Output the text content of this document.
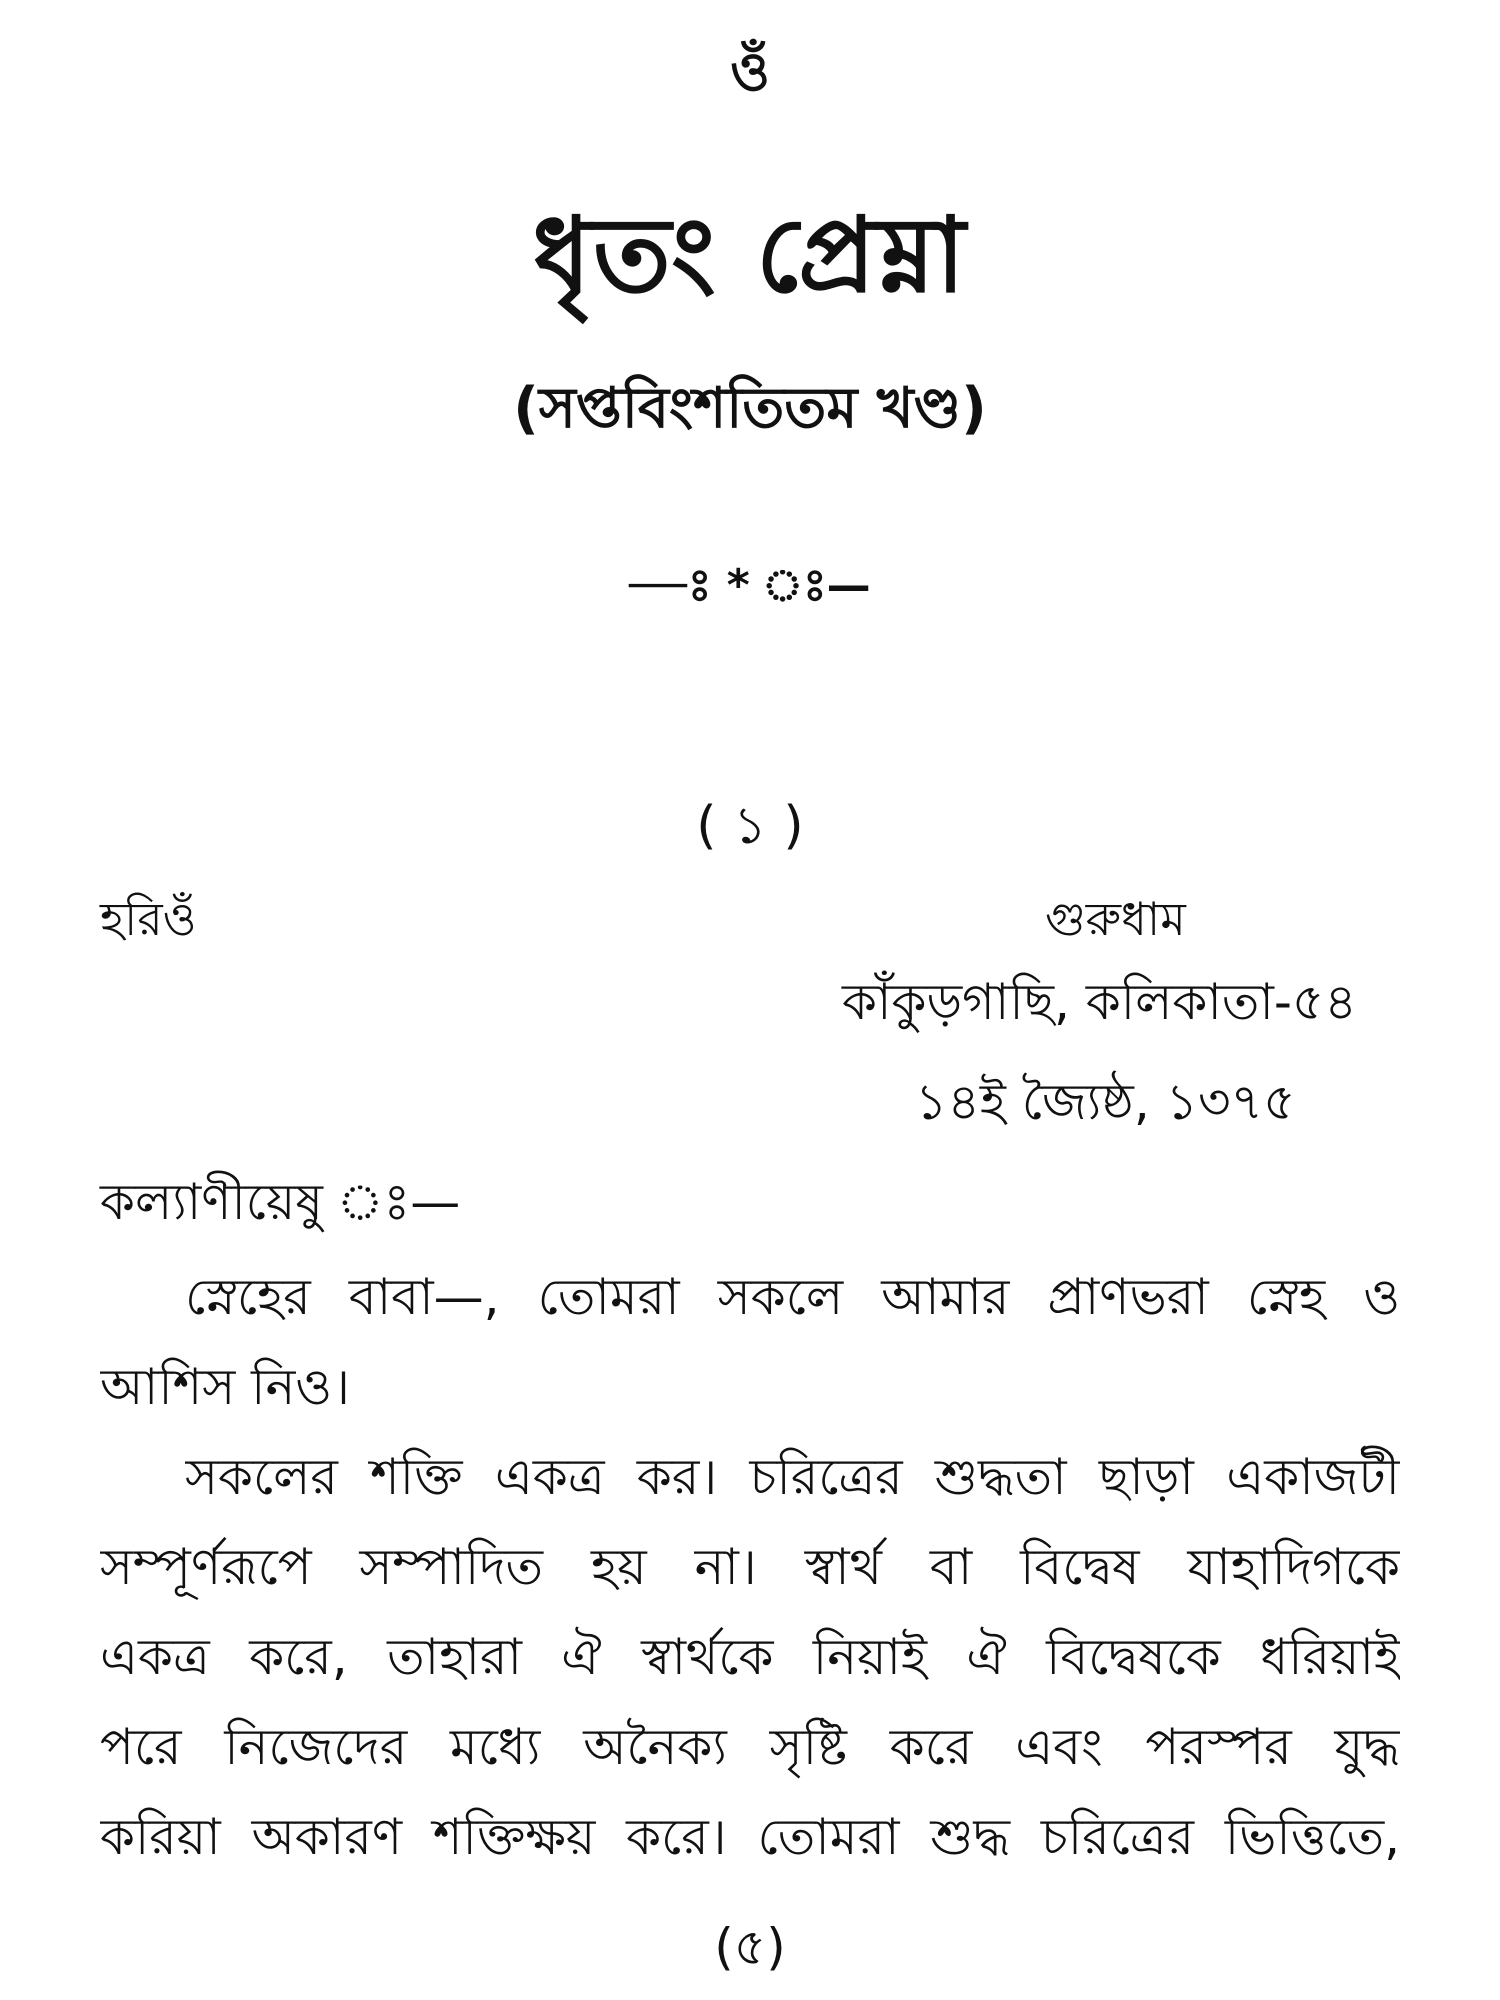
ওঁ
ধৃতং প্রেম্না
(সপ্তবিংশতিতম খণ্ড)
—ঃ * ঃ—
( ১ )
হরিওঁ	গুরুধাম
কাঁকুড়গাছি, কলিকাতা-৫৪
১৪ই জ্যৈষ্ঠ, ১৩৭৫
কল্যাণীয়েষু ঃ—
স্নেহের বাবা—, তোমরা সকলে আমার প্রাণভরা স্নেহ ও
আশিস নিও।
সকলের শক্তি একত্র কর। চরিত্রের শুদ্ধতা ছাড়া একাজটী
সম্পূর্ণরূপে সম্পাদিত হয় না। স্বার্থ বা বিদ্বেষ যাহাদিগকে
একত্র করে, তাহারা ঐ স্বার্থকে নিয়াই ঐ বিদ্বেষকে ধরিয়াই
পরে নিজেদের মধ্যে অনৈক্য সৃষ্টি করে এবং পরস্পর যুদ্ধ
করিয়া অকারণ শক্তিক্ষয় করে। তোমরা শুদ্ধ চরিত্রের ভিত্তিতে,
(৫)
